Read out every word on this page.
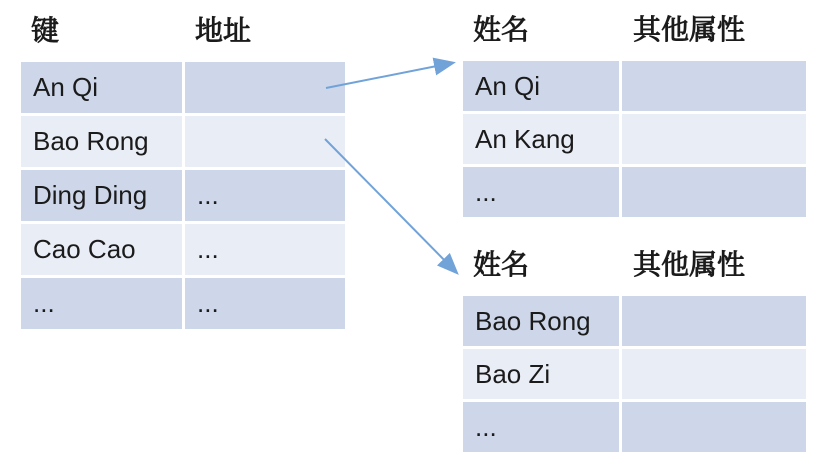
键	地址
An Qi
Bao Rong
Ding Ding	...
Cao Cao	...
...	...
姓名	其他属性
An Qi
An Kang
...
姓名	其他属性
Bao Rong
Bao Zi
...
